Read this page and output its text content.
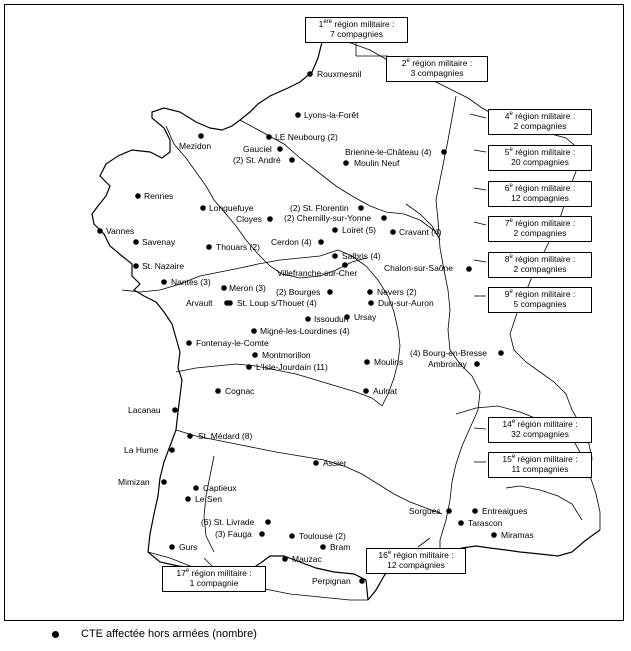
Rouxmesnil
Lyons-la-Forêt
LE Neubourg (2)
Mezidon	Gauciel
(2) St. André
Brienne-le-Château (4)
Moulin Neuf
Rennes
Longuefuye	(2) St. Florentin
Cloyes	(2) Chernilly-sur-Yonne
Loiret (5)
Vannes	Cravant (4)
Savenay	Cerdon (4)
Thouars (2)
Salbris (4)
St. Nazaire
Villefranche-sur-Cher	Chalon-sur-Saône
Nantes (3)
Meron (3) (2) Bourges	Nevers (2)
Arvault	St. Loup s/Thouet (4)	Dun-sur-Auron
Issoudun Ursay
Migné-les-Lourdines (4)
Fontenay-le-Comte
(4) Bourg-en-Bresse
Montmorillon
Ambronay
L'Isle-Jourdain (11)	Moulins
Cognac	Aulnat
Lacanau
St. Médard (8)
La Hume
Assier
Mimizan
Captieux
Le Sen
Sorgues	Entreaigues
(6) St. Livrade	Tarascon
(3) Fauga	Toulouse (2)	Miramas
Gurs	Bram
Mauzac
Perpignan
1ère région militaire :
7 compagnies
2e région militaire :
3 compagnies
4e région militaire :
2 compagnies
5e région militaire :
20 compagnies
6e région militaire :
12 compagnies
7e région militaire :
2 compagnies
8e région militaire :
2 compagnies
9e région militaire :
5 compagnies
14e région militaire :
32 compagnies
15e région militaire :
11 compagnies
16e région militaire :
12 compagnies
17e région militaire :
1 compagnie
CTE affectée hors armées (nombre)
